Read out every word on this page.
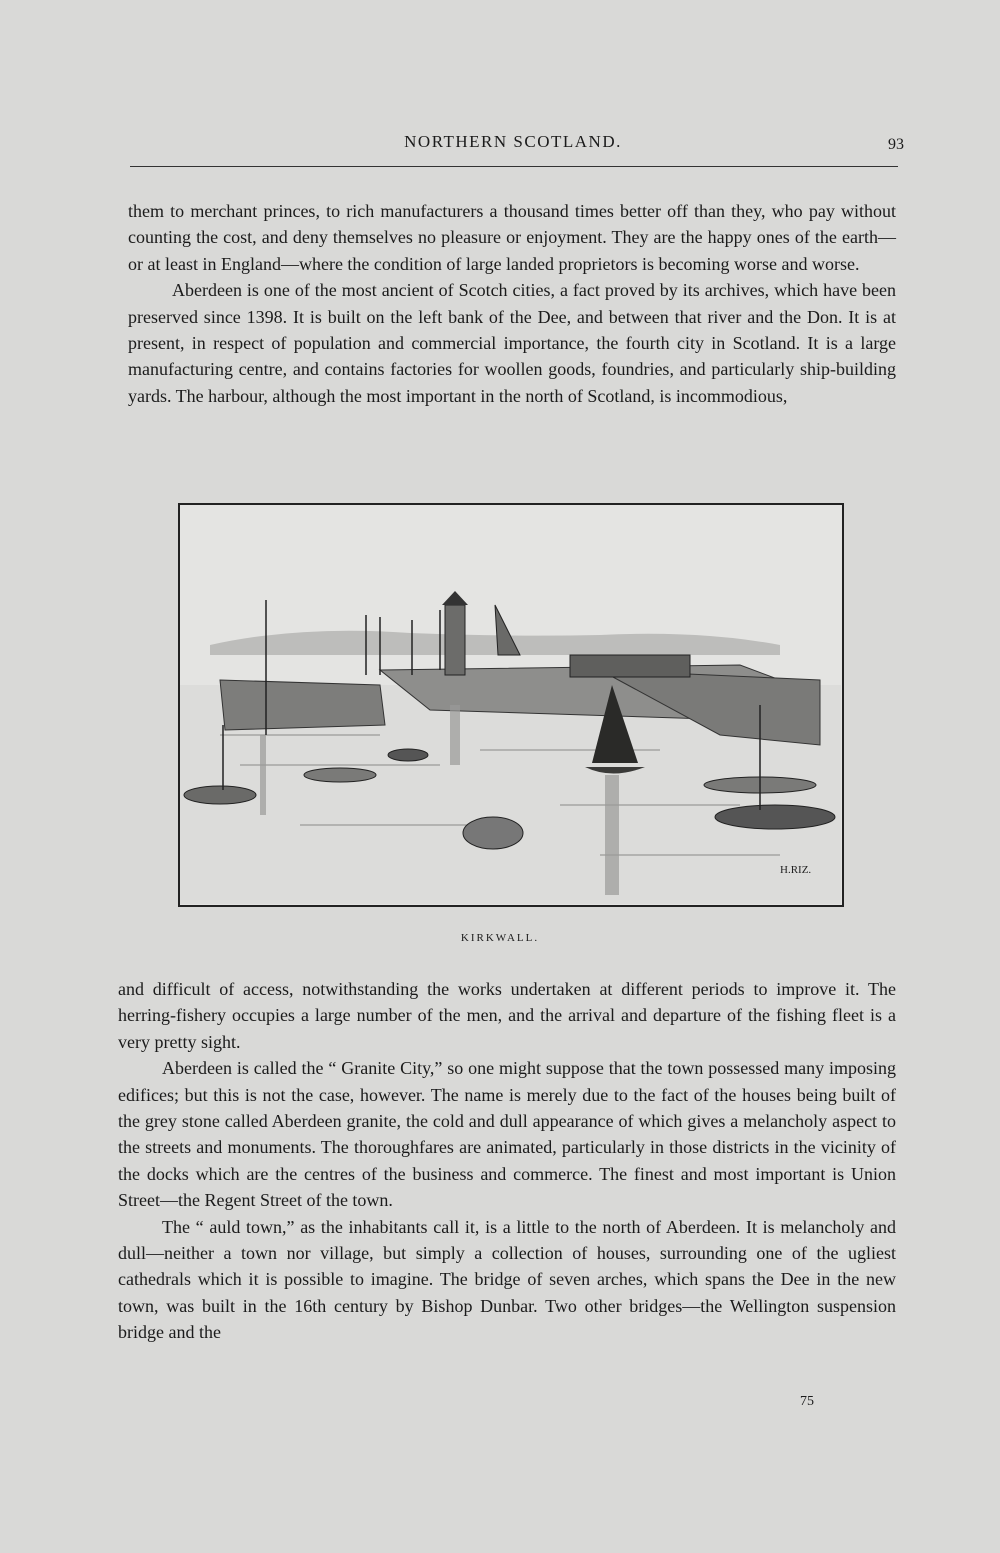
NORTHERN SCOTLAND.	93

them to merchant princes, to rich manufacturers a thousand times better off than they, who pay without counting the cost, and deny themselves no pleasure or enjoyment. They are the happy ones of the earth—or at least in England—where the condition of large landed proprietors is becoming worse and worse.

Aberdeen is one of the most ancient of Scotch cities, a fact proved by its archives, which have been preserved since 1398. It is built on the left bank of the Dee, and between that river and the Don. It is at present, in respect of population and commercial importance, the fourth city in Scotland. It is a large manufacturing centre, and contains factories for woollen goods, foundries, and particularly ship-building yards. The harbour, although the most important in the north of Scotland, is incommodious,

H.RIZ.
KIRKWALL.

and difficult of access, notwithstanding the works undertaken at different periods to improve it. The herring-fishery occupies a large number of the men, and the arrival and departure of the fishing fleet is a very pretty sight.

Aberdeen is called the “ Granite City,” so one might suppose that the town possessed many imposing edifices; but this is not the case, however. The name is merely due to the fact of the houses being built of the grey stone called Aberdeen granite, the cold and dull appearance of which gives a melancholy aspect to the streets and monuments. The thoroughfares are animated, particularly in those districts in the vicinity of the docks which are the centres of the business and commerce. The finest and most important is Union Street—the Regent Street of the town.

The “ auld town,” as the inhabitants call it, is a little to the north of Aberdeen. It is melancholy and dull—neither a town nor village, but simply a collection of houses, surrounding one of the ugliest cathedrals which it is possible to imagine. The bridge of seven arches, which spans the Dee in the new town, was built in the 16th century by Bishop Dunbar. Two other bridges—the Wellington suspension bridge and the

75
